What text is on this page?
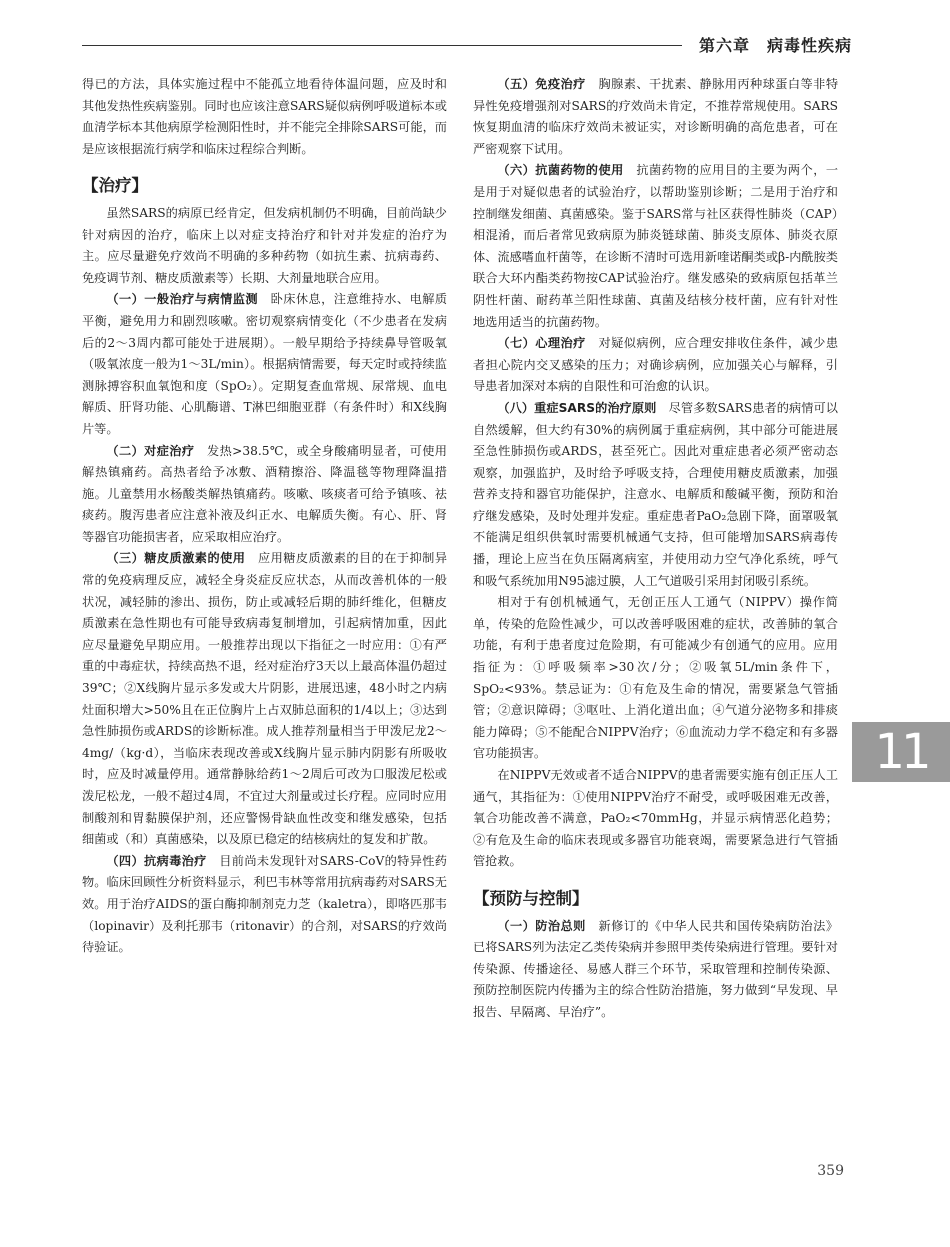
第六章　病毒性疾病

得已的方法，具体实施过程中不能孤立地看待体温问题，应及时和其他发热性疾病鉴别。同时也应该注意SARS疑似病例呼吸道标本或血清学标本其他病原学检测阳性时，并不能完全排除SARS可能，而是应该根据流行病学和临床过程综合判断。

【治疗】

虽然SARS的病原已经肯定，但发病机制仍不明确，目前尚缺少针对病因的治疗，临床上以对症支持治疗和针对并发症的治疗为主。应尽量避免疗效尚不明确的多种药物（如抗生素、抗病毒药、免疫调节剂、糖皮质激素等）长期、大剂量地联合应用。

（一）一般治疗与病情监测　卧床休息，注意维持水、电解质平衡，避免用力和剧烈咳嗽。密切观察病情变化（不少患者在发病后的2～3周内都可能处于进展期）。一般早期给予持续鼻导管吸氧（吸氧浓度一般为1～3L/min）。根据病情需要，每天定时或持续监测脉搏容积血氧饱和度（SpO₂）。定期复查血常规、尿常规、血电解质、肝肾功能、心肌酶谱、T淋巴细胞亚群（有条件时）和X线胸片等。

（二）对症治疗　发热>38.5℃，或全身酸痛明显者，可使用解热镇痛药。高热者给予冰敷、酒精擦浴、降温毯等物理降温措施。儿童禁用水杨酸类解热镇痛药。咳嗽、咳痰者可给予镇咳、祛痰药。腹泻患者应注意补液及纠正水、电解质失衡。有心、肝、肾等器官功能损害者，应采取相应治疗。

（三）糖皮质激素的使用　应用糖皮质激素的目的在于抑制异常的免疫病理反应，减轻全身炎症反应状态，从而改善机体的一般状况，减轻肺的渗出、损伤，防止或减轻后期的肺纤维化，但糖皮质激素在急性期也有可能导致病毒复制增加，引起病情加重，因此应尽量避免早期应用。一般推荐出现以下指征之一时应用：①有严重的中毒症状，持续高热不退，经对症治疗3天以上最高体温仍超过39℃；②X线胸片显示多发或大片阴影，进展迅速，48小时之内病灶面积增大>50%且在正位胸片上占双肺总面积的1/4以上；③达到急性肺损伤或ARDS的诊断标准。成人推荐剂量相当于甲泼尼龙2～4mg/（kg·d），当临床表现改善或X线胸片显示肺内阴影有所吸收时，应及时减量停用。通常静脉给药1～2周后可改为口服泼尼松或泼尼松龙，一般不超过4周，不宜过大剂量或过长疗程。应同时应用制酸剂和胃黏膜保护剂，还应警惕骨缺血性改变和继发感染，包括细菌或（和）真菌感染，以及原已稳定的结核病灶的复发和扩散。

（四）抗病毒治疗　目前尚未发现针对SARS-CoV的特异性药物。临床回顾性分析资料显示，利巴韦林等常用抗病毒药对SARS无效。用于治疗AIDS的蛋白酶抑制剂克力芝（kaletra），即咯匹那韦（lopinavir）及利托那韦（ritonavir）的合剂，对SARS的疗效尚待验证。

（五）免疫治疗　胸腺素、干扰素、静脉用丙种球蛋白等非特异性免疫增强剂对SARS的疗效尚未肯定，不推荐常规使用。SARS恢复期血清的临床疗效尚未被证实，对诊断明确的高危患者，可在严密观察下试用。

（六）抗菌药物的使用　抗菌药物的应用目的主要为两个，一是用于对疑似患者的试验治疗，以帮助鉴别诊断；二是用于治疗和控制继发细菌、真菌感染。鉴于SARS常与社区获得性肺炎（CAP）相混淆，而后者常见致病原为肺炎链球菌、肺炎支原体、肺炎衣原体、流感嗜血杆菌等，在诊断不清时可选用新喹诺酮类或β-内酰胺类联合大环内酯类药物按CAP试验治疗。继发感染的致病原包括革兰阴性杆菌、耐药革兰阳性球菌、真菌及结核分枝杆菌，应有针对性地选用适当的抗菌药物。

（七）心理治疗　对疑似病例，应合理安排收住条件，减少患者担心院内交叉感染的压力；对确诊病例，应加强关心与解释，引导患者加深对本病的自限性和可治愈的认识。

（八）重症SARS的治疗原则　尽管多数SARS患者的病情可以自然缓解，但大约有30%的病例属于重症病例，其中部分可能进展至急性肺损伤或ARDS，甚至死亡。因此对重症患者必须严密动态观察，加强监护，及时给予呼吸支持，合理使用糖皮质激素，加强营养支持和器官功能保护，注意水、电解质和酸碱平衡，预防和治疗继发感染，及时处理并发症。重症患者PaO₂急剧下降，面罩吸氧不能满足组织供氧时需要机械通气支持，但可能增加SARS病毒传播，理论上应当在负压隔离病室，并使用动力空气净化系统，呼气和吸气系统加用N95滤过膜，人工气道吸引采用封闭吸引系统。

相对于有创机械通气，无创正压人工通气（NIPPV）操作简单，传染的危险性减少，可以改善呼吸困难的症状，改善肺的氧合功能，有利于患者度过危险期，有可能减少有创通气的应用。应用指征为：①呼吸频率>30次/分；②吸氧5L/min条件下，SpO₂<93%。禁忌证为：①有危及生命的情况，需要紧急气管插管；②意识障碍；③呕吐、上消化道出血；④气道分泌物多和排痰能力障碍；⑤不能配合NIPPV治疗；⑥血流动力学不稳定和有多器官功能损害。

在NIPPV无效或者不适合NIPPV的患者需要实施有创正压人工通气，其指征为：①使用NIPPV治疗不耐受，或呼吸困难无改善，氧合功能改善不满意，PaO₂<70mmHg，并显示病情恶化趋势；②有危及生命的临床表现或多器官功能衰竭，需要紧急进行气管插管抢救。

【预防与控制】

（一）防治总则　新修订的《中华人民共和国传染病防治法》已将SARS列为法定乙类传染病并参照甲类传染病进行管理。要针对传染源、传播途径、易感人群三个环节，采取管理和控制传染源、预防控制医院内传播为主的综合性防治措施，努力做到“早发现、早报告、早隔离、早治疗”。

11
359
